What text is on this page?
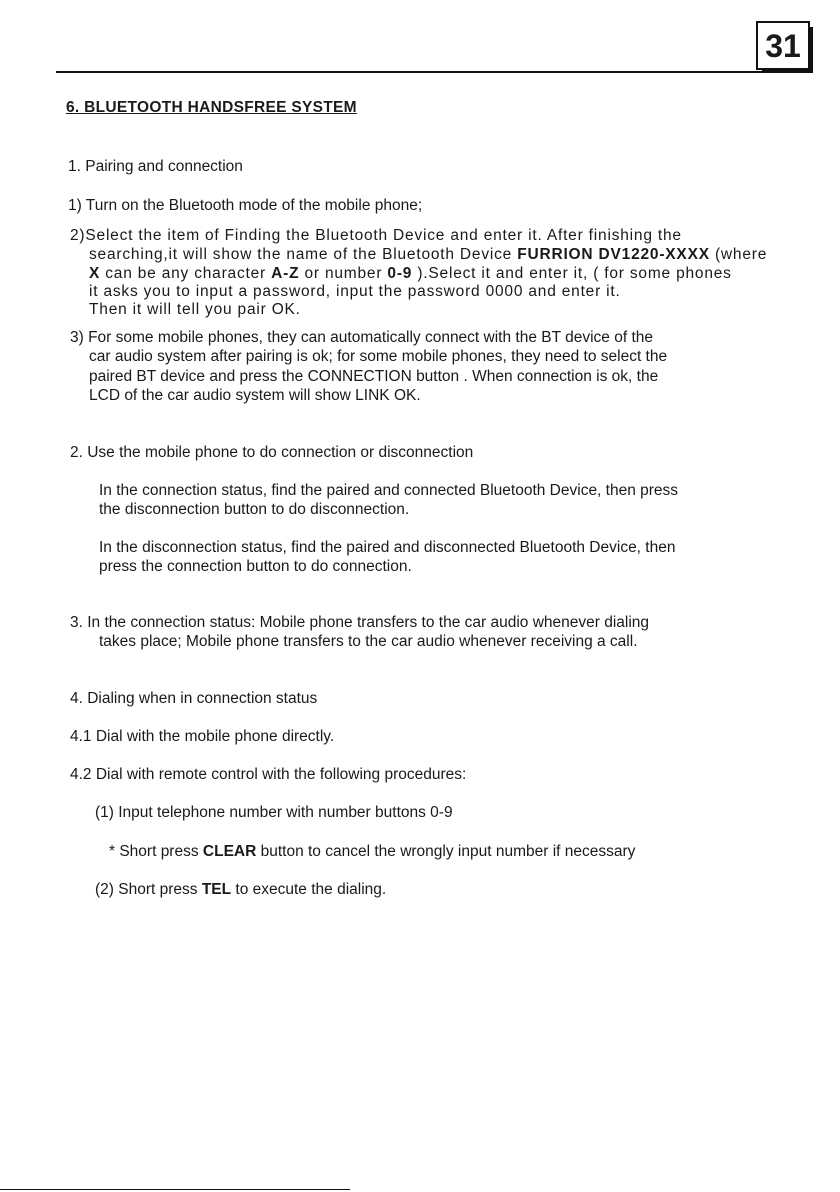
31
6. BLUETOOTH HANDSFREE SYSTEM
1. Pairing and connection
1) Turn on the Bluetooth mode of the mobile phone;
2)Select the item of Finding the Bluetooth Device and enter it. After finishing the
searching,it will show the name of the Bluetooth Device FURRION DV1220-XXXX (where
X can be any character A-Z or number 0-9 ).Select it and enter it, ( for some phones
it asks you to input a password, input the password 0000 and enter it.
Then it will tell you pair OK.
3) For some mobile phones, they can automatically connect with the BT device of the
car audio system after pairing is ok; for some mobile phones, they need to select the
paired BT device and press the CONNECTION button . When connection is ok, the
LCD of the car audio system will show LINK OK.
2. Use the mobile phone to do connection or disconnection
In the connection status, find the paired and connected Bluetooth Device, then press
the disconnection button to do disconnection.
In the disconnection status, find the paired and disconnected Bluetooth Device, then
press the connection button to do connection.
3. In the connection status: Mobile phone transfers to the car audio whenever dialing
takes place; Mobile phone transfers to the car audio whenever receiving a call.
4. Dialing when in connection status
4.1 Dial with the mobile phone directly.
4.2 Dial with remote control with the following procedures:
(1) Input telephone number with number buttons 0-9
* Short press CLEAR button to cancel the wrongly input number if necessary
(2) Short press TEL to execute the dialing.
